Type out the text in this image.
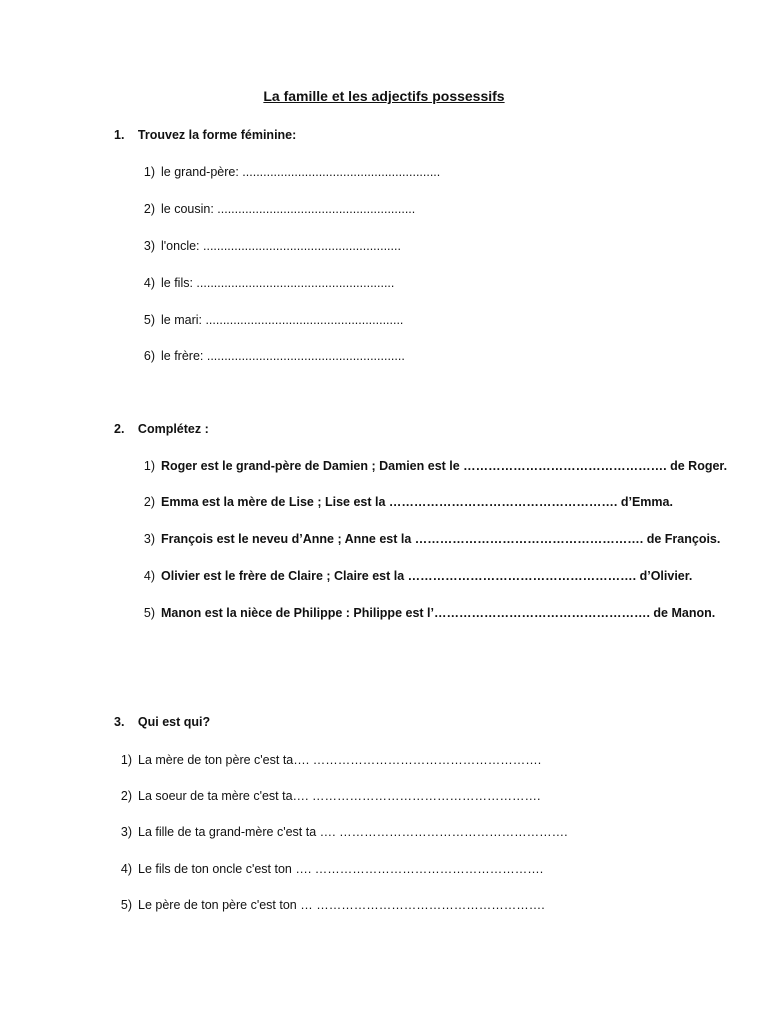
La famille et les adjectifs possessifs
1. Trouvez la forme féminine:
1) le grand-père: .........................................................
2) le cousin: .........................................................
3) l'oncle: .........................................................
4) le fils: .........................................................
5) le mari: .........................................................
6) le frère: .........................................................
2. Complétez :
1) Roger est le grand-père de Damien ; Damien est le …………………………………………. de Roger.
2) Emma est la mère de Lise ; Lise est la ………………………………………………. d’Emma.
3) François est le neveu d’Anne ; Anne est la ………………………………………………. de François.
4) Olivier est le frère de Claire ; Claire est la ………………………………………………. d’Olivier.
5) Manon est la nièce de Philippe : Philippe est l’……………………………………………. de Manon.
3. Qui est qui?
1) La mère de ton père c'est ta…. ……………………………………………….
2) La soeur de ta mère c'est ta…. ……………………………………………….
3) La fille de ta grand-mère c'est ta …. ……………………………………………….
4) Le fils de ton oncle c'est ton …. ……………………………………………….
5) Le père de ton père c'est ton … ……………………………………………….
